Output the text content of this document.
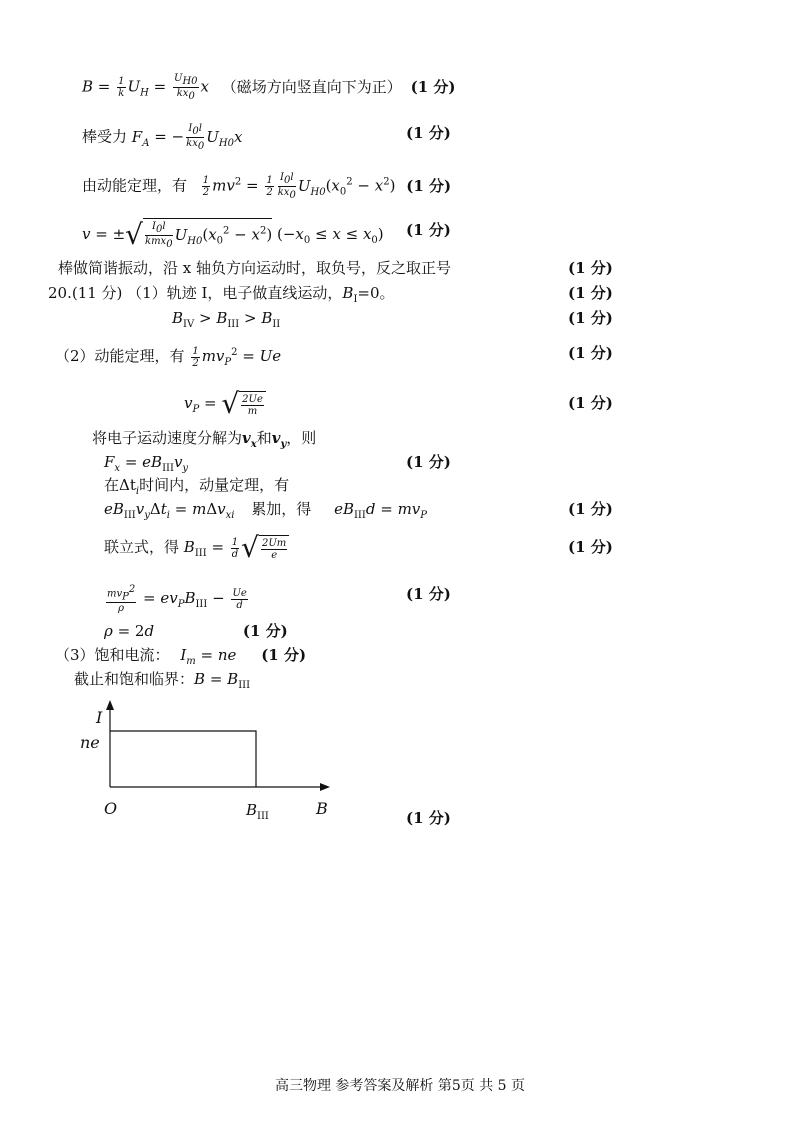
$B = \frac{1}{k} U_H = \frac{U_{H0}}{kx_0}$ x （磁场方向竖直向下为正） (1 分)
棒受力 $F_A$ = − $\frac{I_0l}{kx_0} U_{H0}x$	(1 分)
由动能定理，有 $\frac{1}{2} mv^2 = \frac{1}{2} \frac{I_0l}{kx_0} U_{H0}(x_0^2 - x^2)$ (1 分)
v = ±√ $\frac{I_0l}{kmx_0} U_{H0}(x_0^2 - x^2) (-x_0 \le x \le x_0)$ (1 分)
棒做简谐振动，沿 x 轴负方向运动时，取负号，反之取正号	(1 分)
20.(11 分) （1）轨迹 I，电子做直线运动，$B_I=0$。	(1 分)
$B_{IV} > B_{III} > B_{II}$	(1 分)
（2）动能定理，有 $\frac{1}{2} mv_P^2 = Ue$	(1 分)
$v_P$ = √ $\frac{2Ue}{m}$	(1 分)
将电子运动速度分解为$v_x$和$v_y$，则
$F_x = eB_{III}v_y$	(1 分)
在$\Delta t_i$时间内，动量定理，有
$eB_{III}v_y\Delta t_i = m\Delta v_{xi}$ 累加，得 $eB_{III}d = mv_P$	(1 分)
联立式，得 $B_{III} = \frac{1}{d}$ √ $\frac{2Um}{e}$	(1 分)
$\frac{mv_P^2}{\rho} = ev_PB_{III} - \frac{Ue}{d}$	(1 分)
ρ = 2d	(1 分)
（3）饱和电流： $I_m$ = ne (1 分)
截止和饱和临界：$B = B_{III}$
I
ne
O	$B_{III}$	B	(1 分)
高三物理 参考答案及解析 第5页 共 5 页
